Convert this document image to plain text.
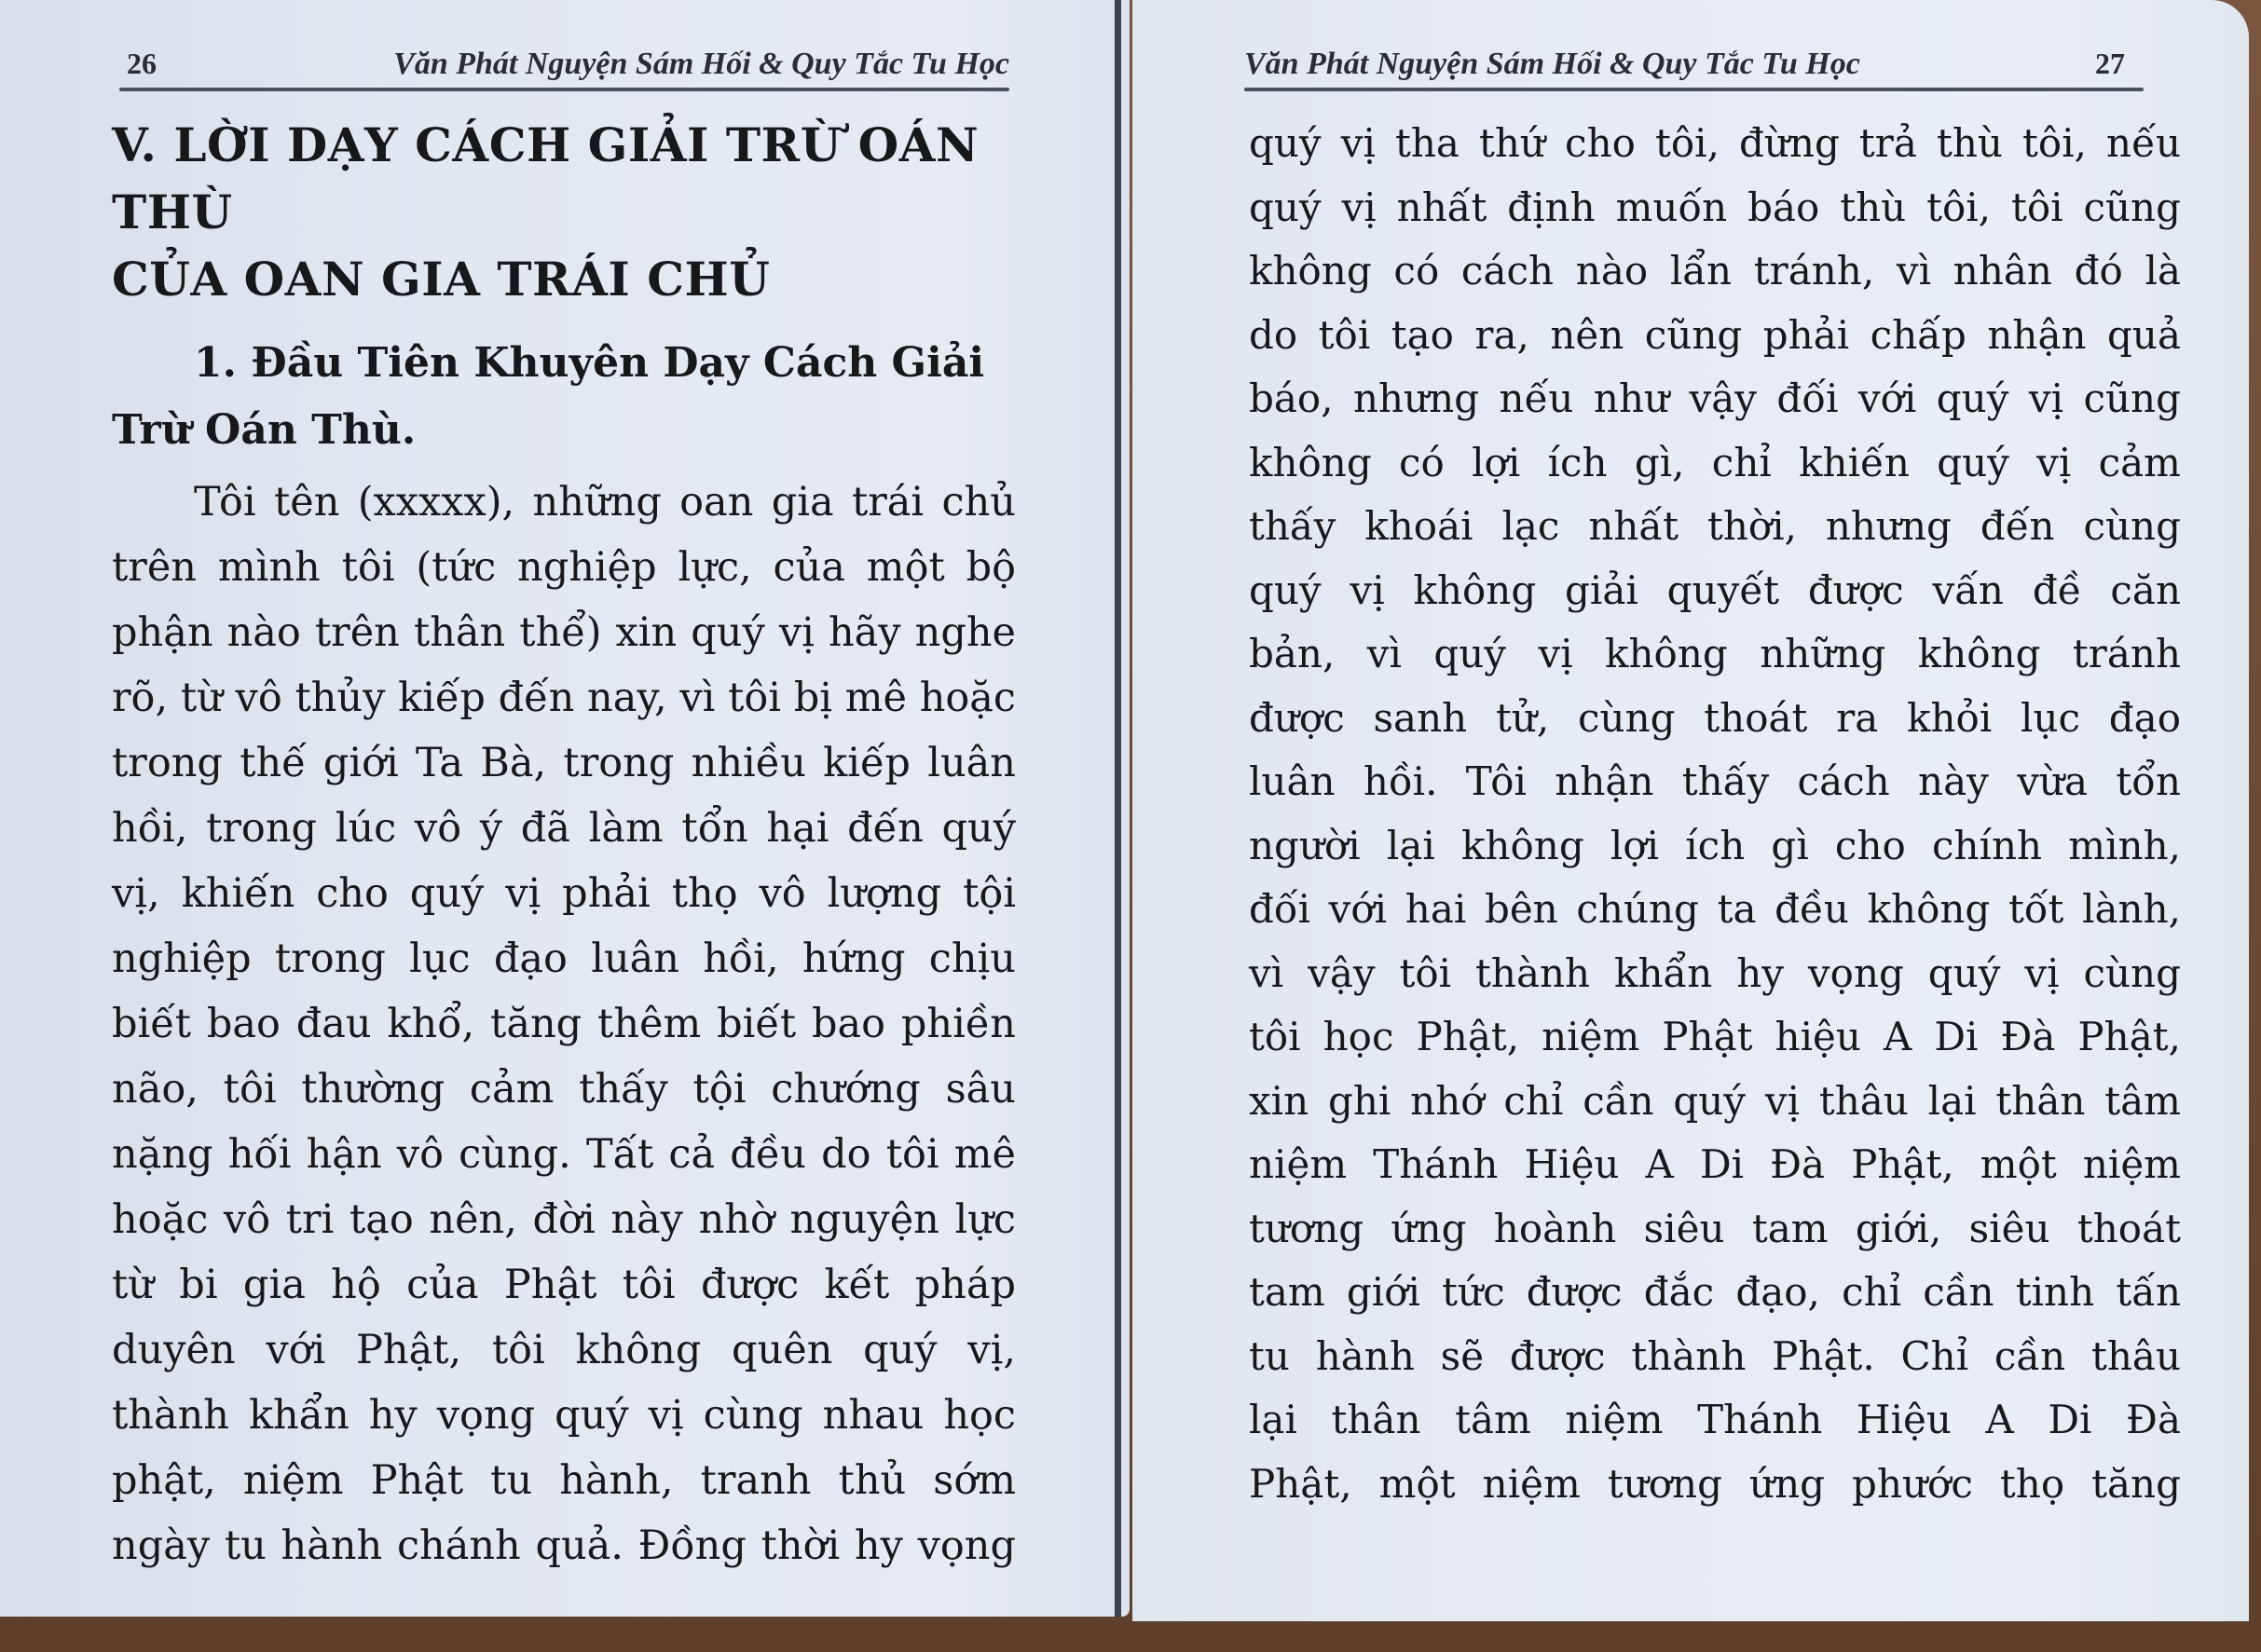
26	Văn Phát Nguyện Sám Hối & Quy Tắc Tu Học
V. LỜI DẠY CÁCH GIẢI TRỪ OÁN THÙ
CỦA OAN GIA TRÁI CHỦ
1. Đầu Tiên Khuyên Dạy Cách Giải
Trừ Oán Thù.
Tôi tên (xxxxx), những oan gia trái chủ
trên mình tôi (tức nghiệp lực, của một bộ
phận nào trên thân thể) xin quý vị hãy nghe
rõ, từ vô thủy kiếp đến nay, vì tôi bị mê hoặc
trong thế giới Ta Bà, trong nhiều kiếp luân
hồi, trong lúc vô ý đã làm tổn hại đến quý
vị, khiến cho quý vị phải thọ vô lượng tội
nghiệp trong lục đạo luân hồi, hứng chịu
biết bao đau khổ, tăng thêm biết bao phiền
não, tôi thường cảm thấy tội chướng sâu
nặng hối hận vô cùng. Tất cả đều do tôi mê
hoặc vô tri tạo nên, đời này nhờ nguyện lực
từ bi gia hộ của Phật tôi được kết pháp
duyên với Phật, tôi không quên quý vị,
thành khẩn hy vọng quý vị cùng nhau học
phật, niệm Phật tu hành, tranh thủ sớm
ngày tu hành chánh quả. Đồng thời hy vọng
Văn Phát Nguyện Sám Hối & Quy Tắc Tu Học	27
quý vị tha thứ cho tôi, đừng trả thù tôi, nếu
quý vị nhất định muốn báo thù tôi, tôi cũng
không có cách nào lẩn tránh, vì nhân đó là
do tôi tạo ra, nên cũng phải chấp nhận quả
báo, nhưng nếu như vậy đối với quý vị cũng
không có lợi ích gì, chỉ khiến quý vị cảm
thấy khoái lạc nhất thời, nhưng đến cùng
quý vị không giải quyết được vấn đề căn
bản, vì quý vị không những không tránh
được sanh tử, cùng thoát ra khỏi lục đạo
luân hồi. Tôi nhận thấy cách này vừa tổn
người lại không lợi ích gì cho chính mình,
đối với hai bên chúng ta đều không tốt lành,
vì vậy tôi thành khẩn hy vọng quý vị cùng
tôi học Phật, niệm Phật hiệu A Di Đà Phật,
xin ghi nhớ chỉ cần quý vị thâu lại thân tâm
niệm Thánh Hiệu A Di Đà Phật, một niệm
tương ứng hoành siêu tam giới, siêu thoát
tam giới tức được đắc đạo, chỉ cần tinh tấn
tu hành sẽ được thành Phật. Chỉ cần thâu
lại thân tâm niệm Thánh Hiệu A Di Đà
Phật, một niệm tương ứng phước thọ tăng
